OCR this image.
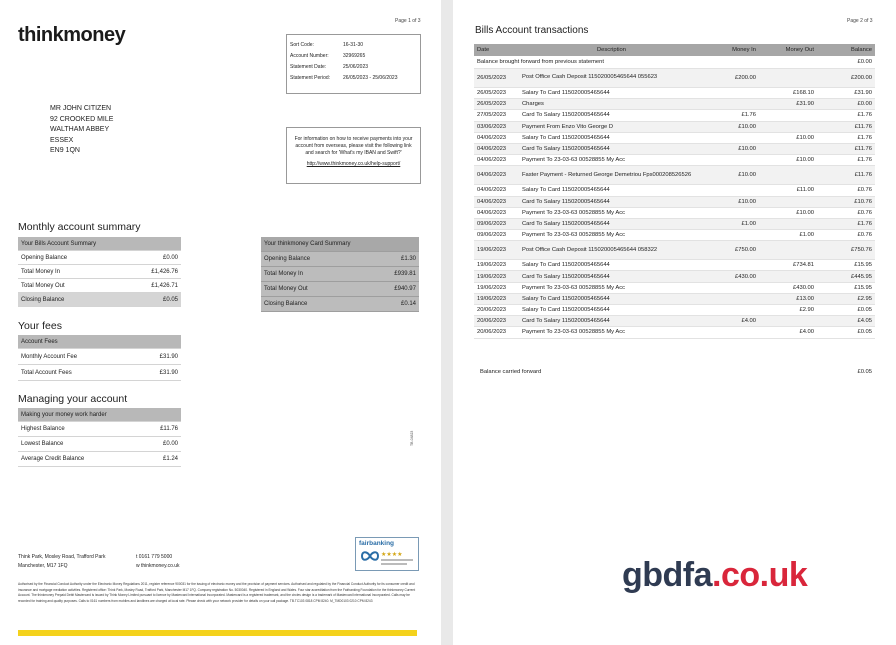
Page 1 of 3
thinkmoney	Sort Code:	16-31-30
Account Number:	32969265
Statement Date:	25/06/2023
Statement Period:	26/05/2023 - 25/06/2023
MR JOHN CITIZEN
92 CROOKED MILE
WALTHAM ABBEY
ESSEX
EN9 1QN
For information on how to receive payments into your account from overseas, please visit the following link and search for 'What's my IBAN and Swift?'
http://www.thinkmoney.co.uk/help-support/
Monthly account summary
Your Bills Account Summary	
Opening Balance	£0.00
Total Money In	£1,426.76
Total Money Out	£1,426.71
Closing Balance	£0.05
Your thinkmoney Card Summary	
Opening Balance	£1.30
Total Money In	£939.81
Total Money Out	£940.97
Closing Balance	£0.14
Your fees
Account Fees	
Monthly Account Fee	£31.90
Total Account Fees	£31.90
Managing your account
Making your money work harder	
Highest Balance	£11.76
Lowest Balance	£0.00
Average Credit Balance	£1.24
TB-04823
Think Park, Mosley Road, Trafford Park
Manchester, M17 1FQ
t 0161 779 5000
w thinkmoney.co.uk
fairbanking
★★★★
Authorised by the Financial Conduct Authority under the Electronic Money Regulations 2011, register reference 900031 for the issuing of electronic money and the provision of payment services. Authorised and regulated by the Financial Conduct Authority for its consumer credit and insurance and mortgage mediation activities. Registered office: Think Park, Mosley Road, Trafford Park, Manchester M17 1FQ. Company registration No. 5030040. Registered in England and Wales. Four star accreditation from the Fairbanking Foundation for the thinkmoney Current Account. The thinkmoney Prepaid Debit Mastercard is issued by Think Money Limited pursuant to licence by Mastercard International Incorporated. Mastercard is a registered trademark, and the circles design is a trademark of Mastercard International Incorporated. Calls may be recorded for training and quality purposes. Calls to 0161 numbers from mobiles and landlines are charged at local rate. Please check with your network provider for details on your call package. TB.TC103 0818 CPM 8240. M_TMD0103 0210 CPM 8243
Page 2 of 3
Bills Account transactions
Date	Description	Money In	Money Out	Balance
Balance brought forward from previous statement				£0.00
26/05/2023	Post Office Cash Deposit 115020005465644 055623	£200.00		£200.00
26/05/2023	Salary To Card 115020005465644		£168.10	£31.90
26/05/2023	Charges		£31.90	£0.00
27/05/2023	Card To Salary 115020005465644	£1.76		£1.76
03/06/2023	Payment From Enzo Vito George D	£10.00		£11.76
04/06/2023	Salary To Card 115020005465644		£10.00	£1.76
04/06/2023	Card To Salary 115020005465644	£10.00		£11.76
04/06/2023	Payment To 23-03-63 00528855 My Acc		£10.00	£1.76
04/06/2023	Faster Payment - Returned George Demetriou Fps000208526526	£10.00		£11.76
04/06/2023	Salary To Card 115020005465644		£11.00	£0.76
04/06/2023	Card To Salary 115020005465644	£10.00		£10.76
04/06/2023	Payment To 23-03-63 00528855 My Acc		£10.00	£0.76
09/06/2023	Card To Salary 115020005465644	£1.00		£1.76
09/06/2023	Payment To 23-03-63 00528855 My Acc		£1.00	£0.76
19/06/2023	Post Office Cash Deposit 115020005465644 058322	£750.00		£750.76
19/06/2023	Salary To Card 115020005465644		£734.81	£15.95
19/06/2023	Card To Salary 115020005465644	£430.00		£445.95
19/06/2023	Payment To 23-03-63 00528855 My Acc		£430.00	£15.95
19/06/2023	Salary To Card 115020005465644		£13.00	£2.95
20/06/2023	Salary To Card 115020005465644		£2.90	£0.05
20/06/2023	Card To Salary 115020005465644	£4.00		£4.05
20/06/2023	Payment To 23-03-63 00528855 My Acc		£4.00	£0.05
Balance carried forward	£0.05
gbdfa.co.uk
